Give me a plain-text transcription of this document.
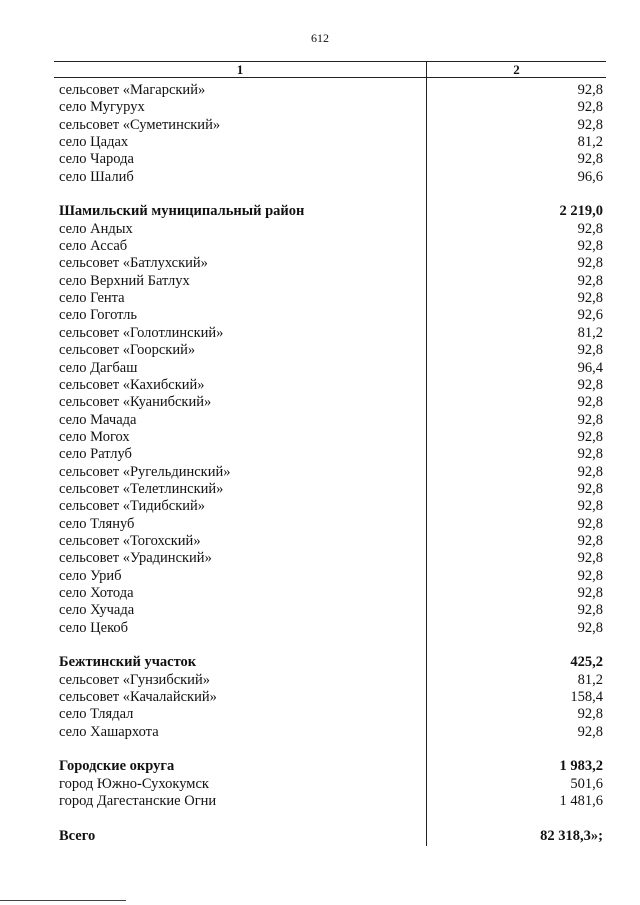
612
1	2
сельсовет «Магарский»	92,8
село Мугурух	92,8
сельсовет «Суметинский»	92,8
село Цадах	81,2
село Чарода	92,8
село Шалиб	96,6
Шамильский муниципальный район	2 219,0
село Андых	92,8
село Ассаб	92,8
сельсовет «Батлухский»	92,8
село Верхний Батлух	92,8
село Гента	92,8
село Гоготль	92,6
сельсовет «Голотлинский»	81,2
сельсовет «Гоорский»	92,8
село Дагбаш	96,4
сельсовет «Кахибский»	92,8
сельсовет «Куанибский»	92,8
село Мачада	92,8
село Могох	92,8
село Ратлуб	92,8
сельсовет «Ругельдинский»	92,8
сельсовет «Телетлинский»	92,8
сельсовет «Тидибский»	92,8
село Тлянуб	92,8
сельсовет «Тогохский»	92,8
сельсовет «Урадинский»	92,8
село Уриб	92,8
село Хотода	92,8
село Хучада	92,8
село Цекоб	92,8
Бежтинский участок	425,2
сельсовет «Гунзибский»	81,2
сельсовет «Качалайский»	158,4
село Тлядал	92,8
село Хашархота	92,8
Городские округа	1 983,2
город Южно-Сухокумск	501,6
город Дагестанские Огни	1 481,6
Всего	82 318,3»;
